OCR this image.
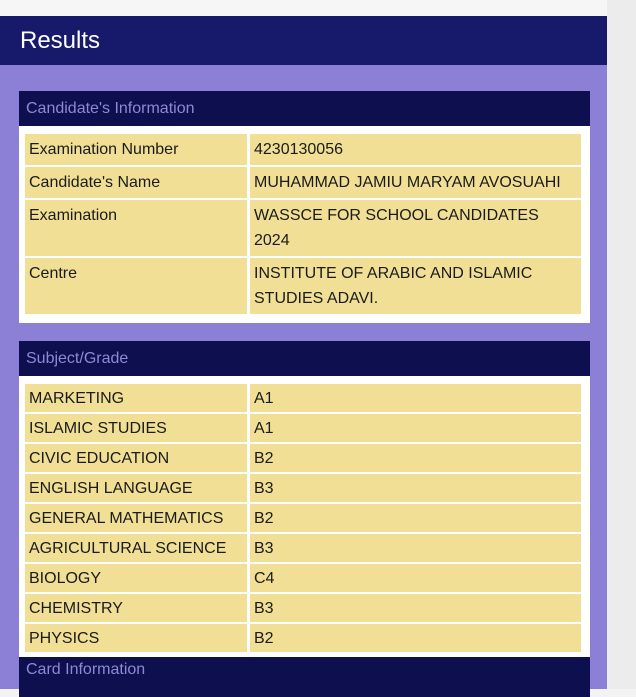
Results
Candidate's Information
Examination Number		4230130056
Candidate's Name		MUHAMMAD JAMIU MARYAM AVOSUAHI
Examination		WASSCE FOR SCHOOL CANDIDATES 2024
Centre		INSTITUTE OF ARABIC AND ISLAMIC STUDIES ADAVI.
Subject/Grade
MARKETING		A1
ISLAMIC STUDIES		A1
CIVIC EDUCATION		B2
ENGLISH LANGUAGE		B3
GENERAL MATHEMATICS		B2
AGRICULTURAL SCIENCE		B3
BIOLOGY		C4
CHEMISTRY		B3
PHYSICS		B2
Card Information
